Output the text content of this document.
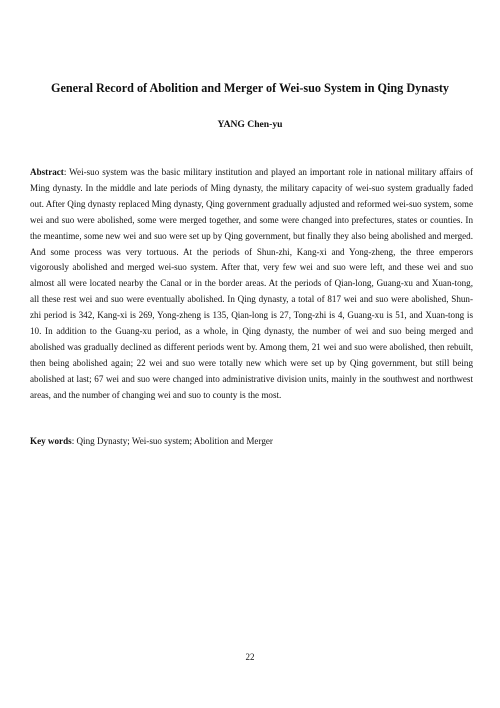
General Record of Abolition and Merger of Wei-suo System in Qing Dynasty

YANG Chen-yu

Abstract: Wei-suo system was the basic military institution and played an important role in national military affairs of Ming dynasty. In the middle and late periods of Ming dynasty, the military capacity of wei-suo system gradually faded out. After Qing dynasty replaced Ming dynasty, Qing government gradually adjusted and reformed wei-suo system, some wei and suo were abolished, some were merged together, and some were changed into prefectures, states or counties. In the meantime, some new wei and suo were set up by Qing government, but finally they also being abolished and merged. And some process was very tortuous. At the periods of Shun-zhi, Kang-xi and Yong-zheng, the three emperors vigorously abolished and merged wei-suo system. After that, very few wei and suo were left, and these wei and suo almost all were located nearby the Canal or in the border areas. At the periods of Qian-long, Guang-xu and Xuan-tong, all these rest wei and suo were eventually abolished. In Qing dynasty, a total of 817 wei and suo were abolished, Shun-zhi period is 342, Kang-xi is 269, Yong-zheng is 135, Qian-long is 27, Tong-zhi is 4, Guang-xu is 51, and Xuan-tong is 10. In addition to the Guang-xu period, as a whole, in Qing dynasty, the number of wei and suo being merged and abolished was gradually declined as different periods went by. Among them, 21 wei and suo were abolished, then rebuilt, then being abolished again; 22 wei and suo were totally new which were set up by Qing government, but still being abolished at last; 67 wei and suo were changed into administrative division units, mainly in the southwest and northwest areas, and the number of changing wei and suo to county is the most.

Key words: Qing Dynasty; Wei-suo system; Abolition and Merger

22
